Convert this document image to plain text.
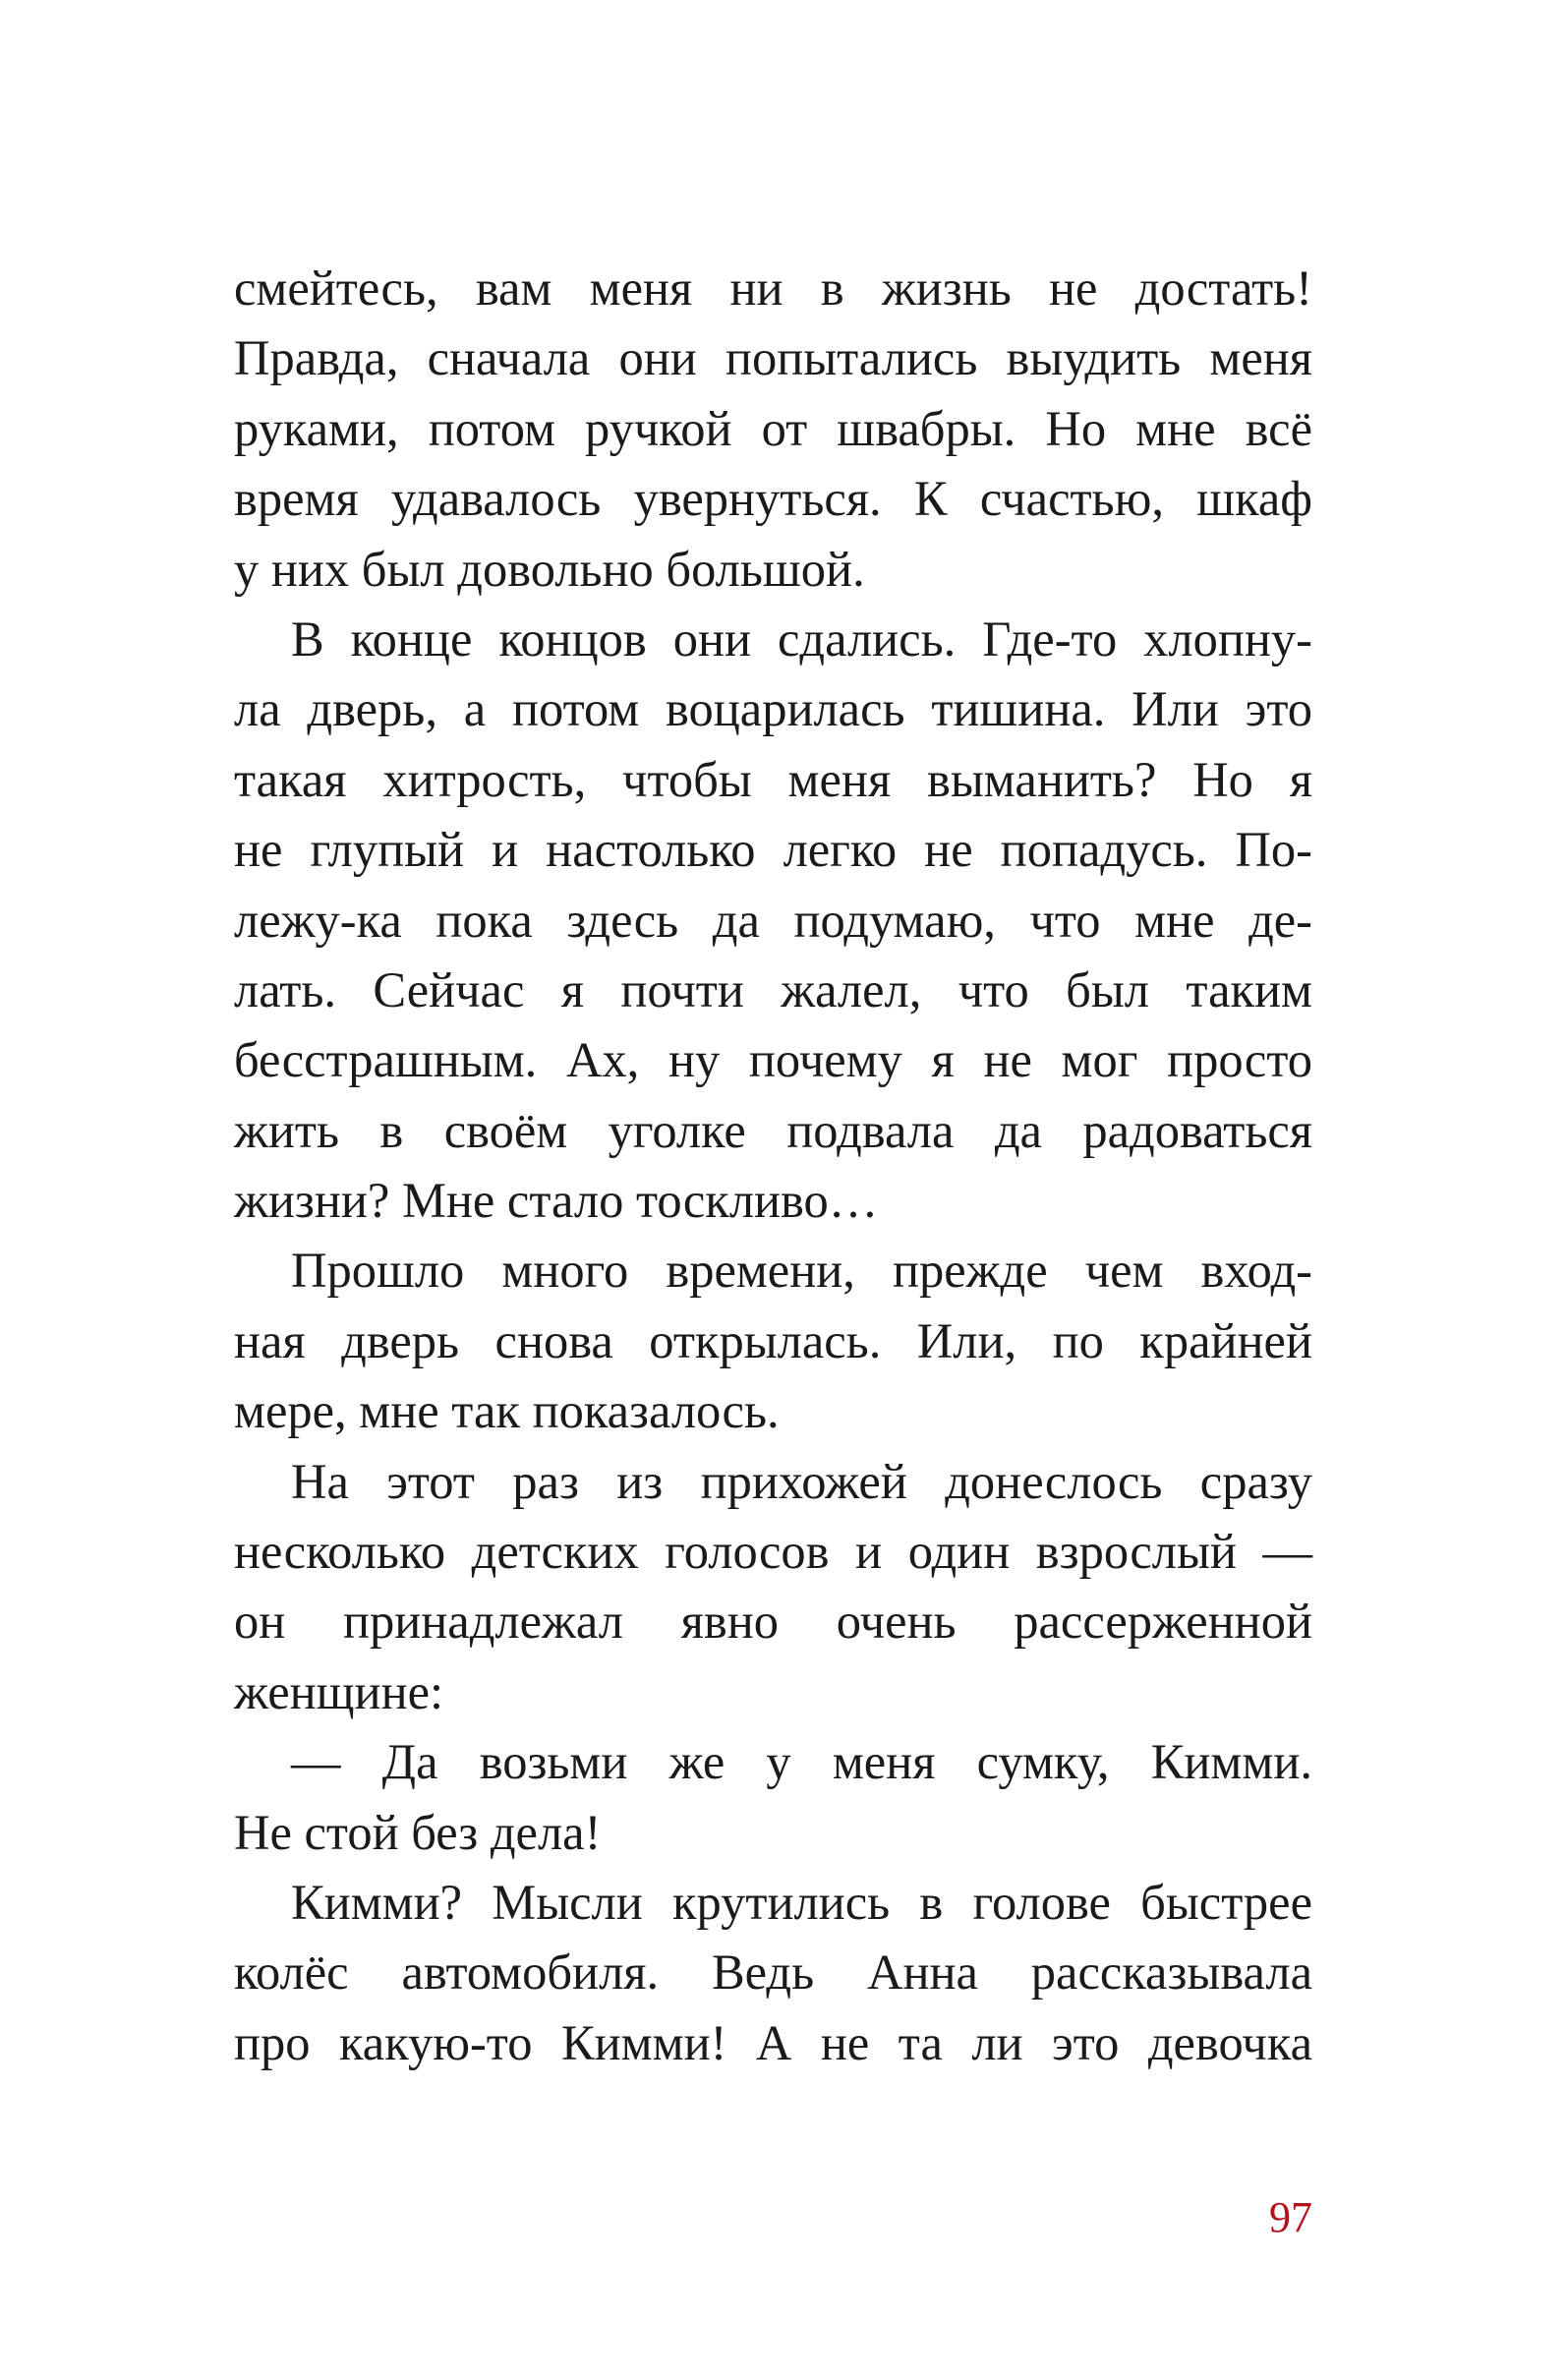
смейтесь, вам меня ни в жизнь не достать!
Правда, сначала они попытались выудить меня
руками, потом ручкой от швабры. Но мне всё
время удавалось увернуться. К счастью, шкаф
у них был довольно большой.
В конце концов они сдались. Где-то хлопну-
ла дверь, а потом воцарилась тишина. Или это
такая хитрость, чтобы меня выманить? Но я
не глупый и настолько легко не попадусь. По-
лежу-ка пока здесь да подумаю, что мне де-
лать. Сейчас я почти жалел, что был таким
бесстрашным. Ах, ну почему я не мог просто
жить в своём уголке подвала да радоваться
жизни? Мне стало тоскливо…
Прошло много времени, прежде чем вход-
ная дверь снова открылась. Или, по крайней
мере, мне так показалось.
На этот раз из прихожей донеслось сразу
несколько детских голосов и один взрослый —
он принадлежал явно очень рассерженной
женщине:
— Да возьми же у меня сумку, Кимми.
Не стой без дела!
Кимми? Мысли крутились в голове быстрее
колёс автомобиля. Ведь Анна рассказывала
про какую-то Кимми! А не та ли это девочка
97
